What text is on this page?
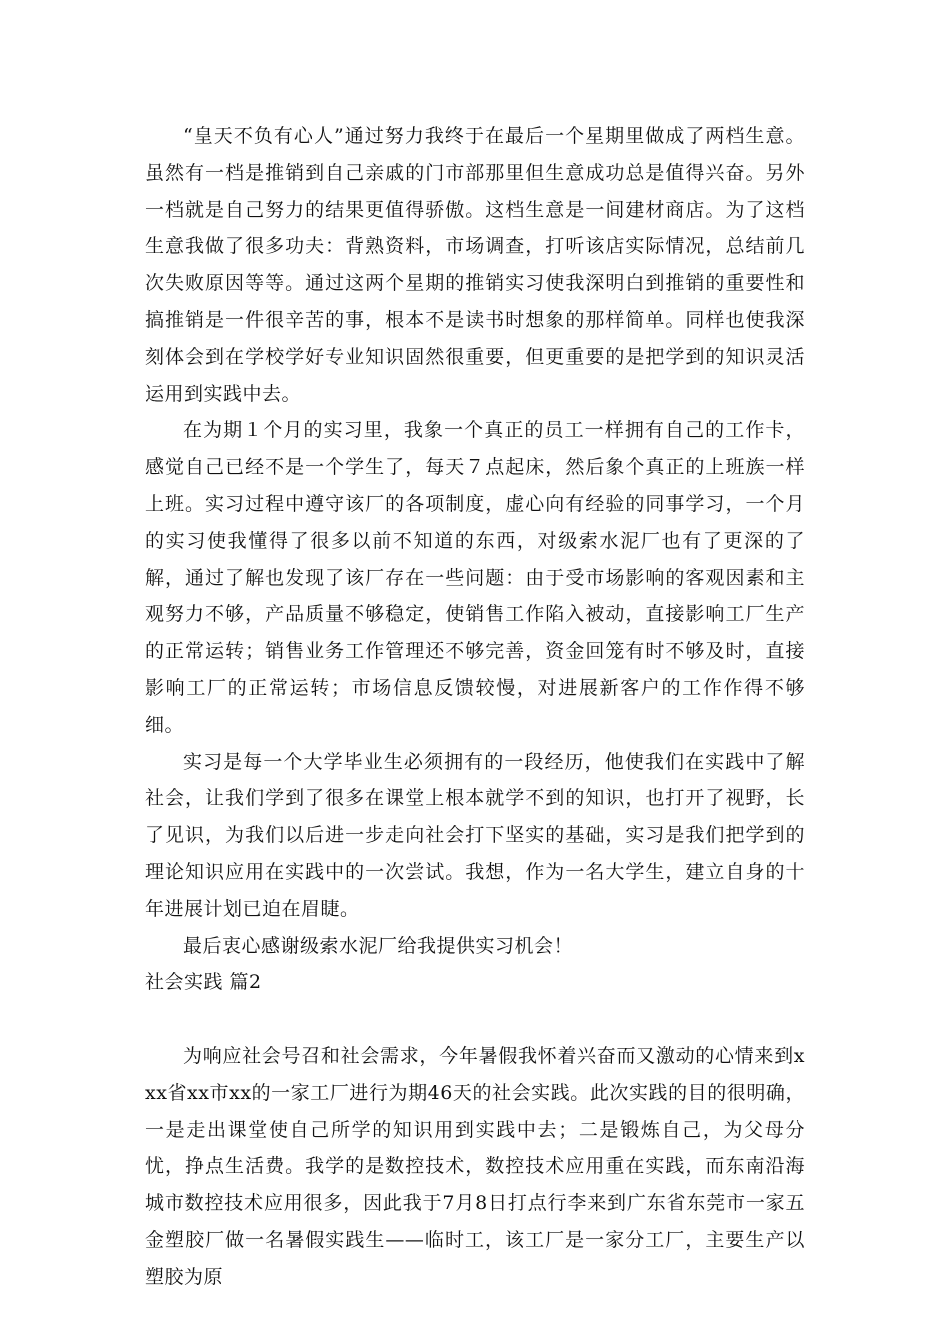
“皇天不负有心人”通过努力我终于在最后一个星期里做成了两档生意。虽然有一档是推销到自己亲戚的门市部那里但生意成功总是值得兴奋。另外一档就是自己努力的结果更值得骄傲。这档生意是一间建材商店。为了这档生意我做了很多功夫：背熟资料，市场调查，打听该店实际情况，总结前几次失败原因等等。通过这两个星期的推销实习使我深明白到推销的重要性和搞推销是一件很辛苦的事，根本不是读书时想象的那样简单。同样也使我深刻体会到在学校学好专业知识固然很重要，但更重要的是把学到的知识灵活运用到实践中去。

在为期１个月的实习里，我象一个真正的员工一样拥有自己的工作卡，感觉自己已经不是一个学生了，每天７点起床，然后象个真正的上班族一样上班。实习过程中遵守该厂的各项制度，虚心向有经验的同事学习，一个月的实习使我懂得了很多以前不知道的东西，对级索水泥厂也有了更深的了解，通过了解也发现了该厂存在一些问题：由于受市场影响的客观因素和主观努力不够，产品质量不够稳定，使销售工作陷入被动，直接影响工厂生产的正常运转；销售业务工作管理还不够完善，资金回笼有时不够及时，直接影响工厂的正常运转；市场信息反馈较慢，对进展新客户的工作作得不够细。

实习是每一个大学毕业生必须拥有的一段经历，他使我们在实践中了解社会，让我们学到了很多在课堂上根本就学不到的知识，也打开了视野，长了见识，为我们以后进一步走向社会打下坚实的基础，实习是我们把学到的理论知识应用在实践中的一次尝试。我想，作为一名大学生，建立自身的十年进展计划已迫在眉睫。

最后衷心感谢级索水泥厂给我提供实习机会！

社会实践 篇2

为响应社会号召和社会需求，今年暑假我怀着兴奋而又激动的心情来到xxx省xx市xx的一家工厂进行为期46天的社会实践。此次实践的目的很明确，一是走出课堂使自己所学的知识用到实践中去；二是锻炼自己，为父母分忧，挣点生活费。我学的是数控技术，数控技术应用重在实践，而东南沿海城市数控技术应用很多，因此我于7月8日打点行李来到广东省东莞市一家五金塑胶厂做一名暑假实践生——临时工，该工厂是一家分工厂，主要生产以塑胶为原
